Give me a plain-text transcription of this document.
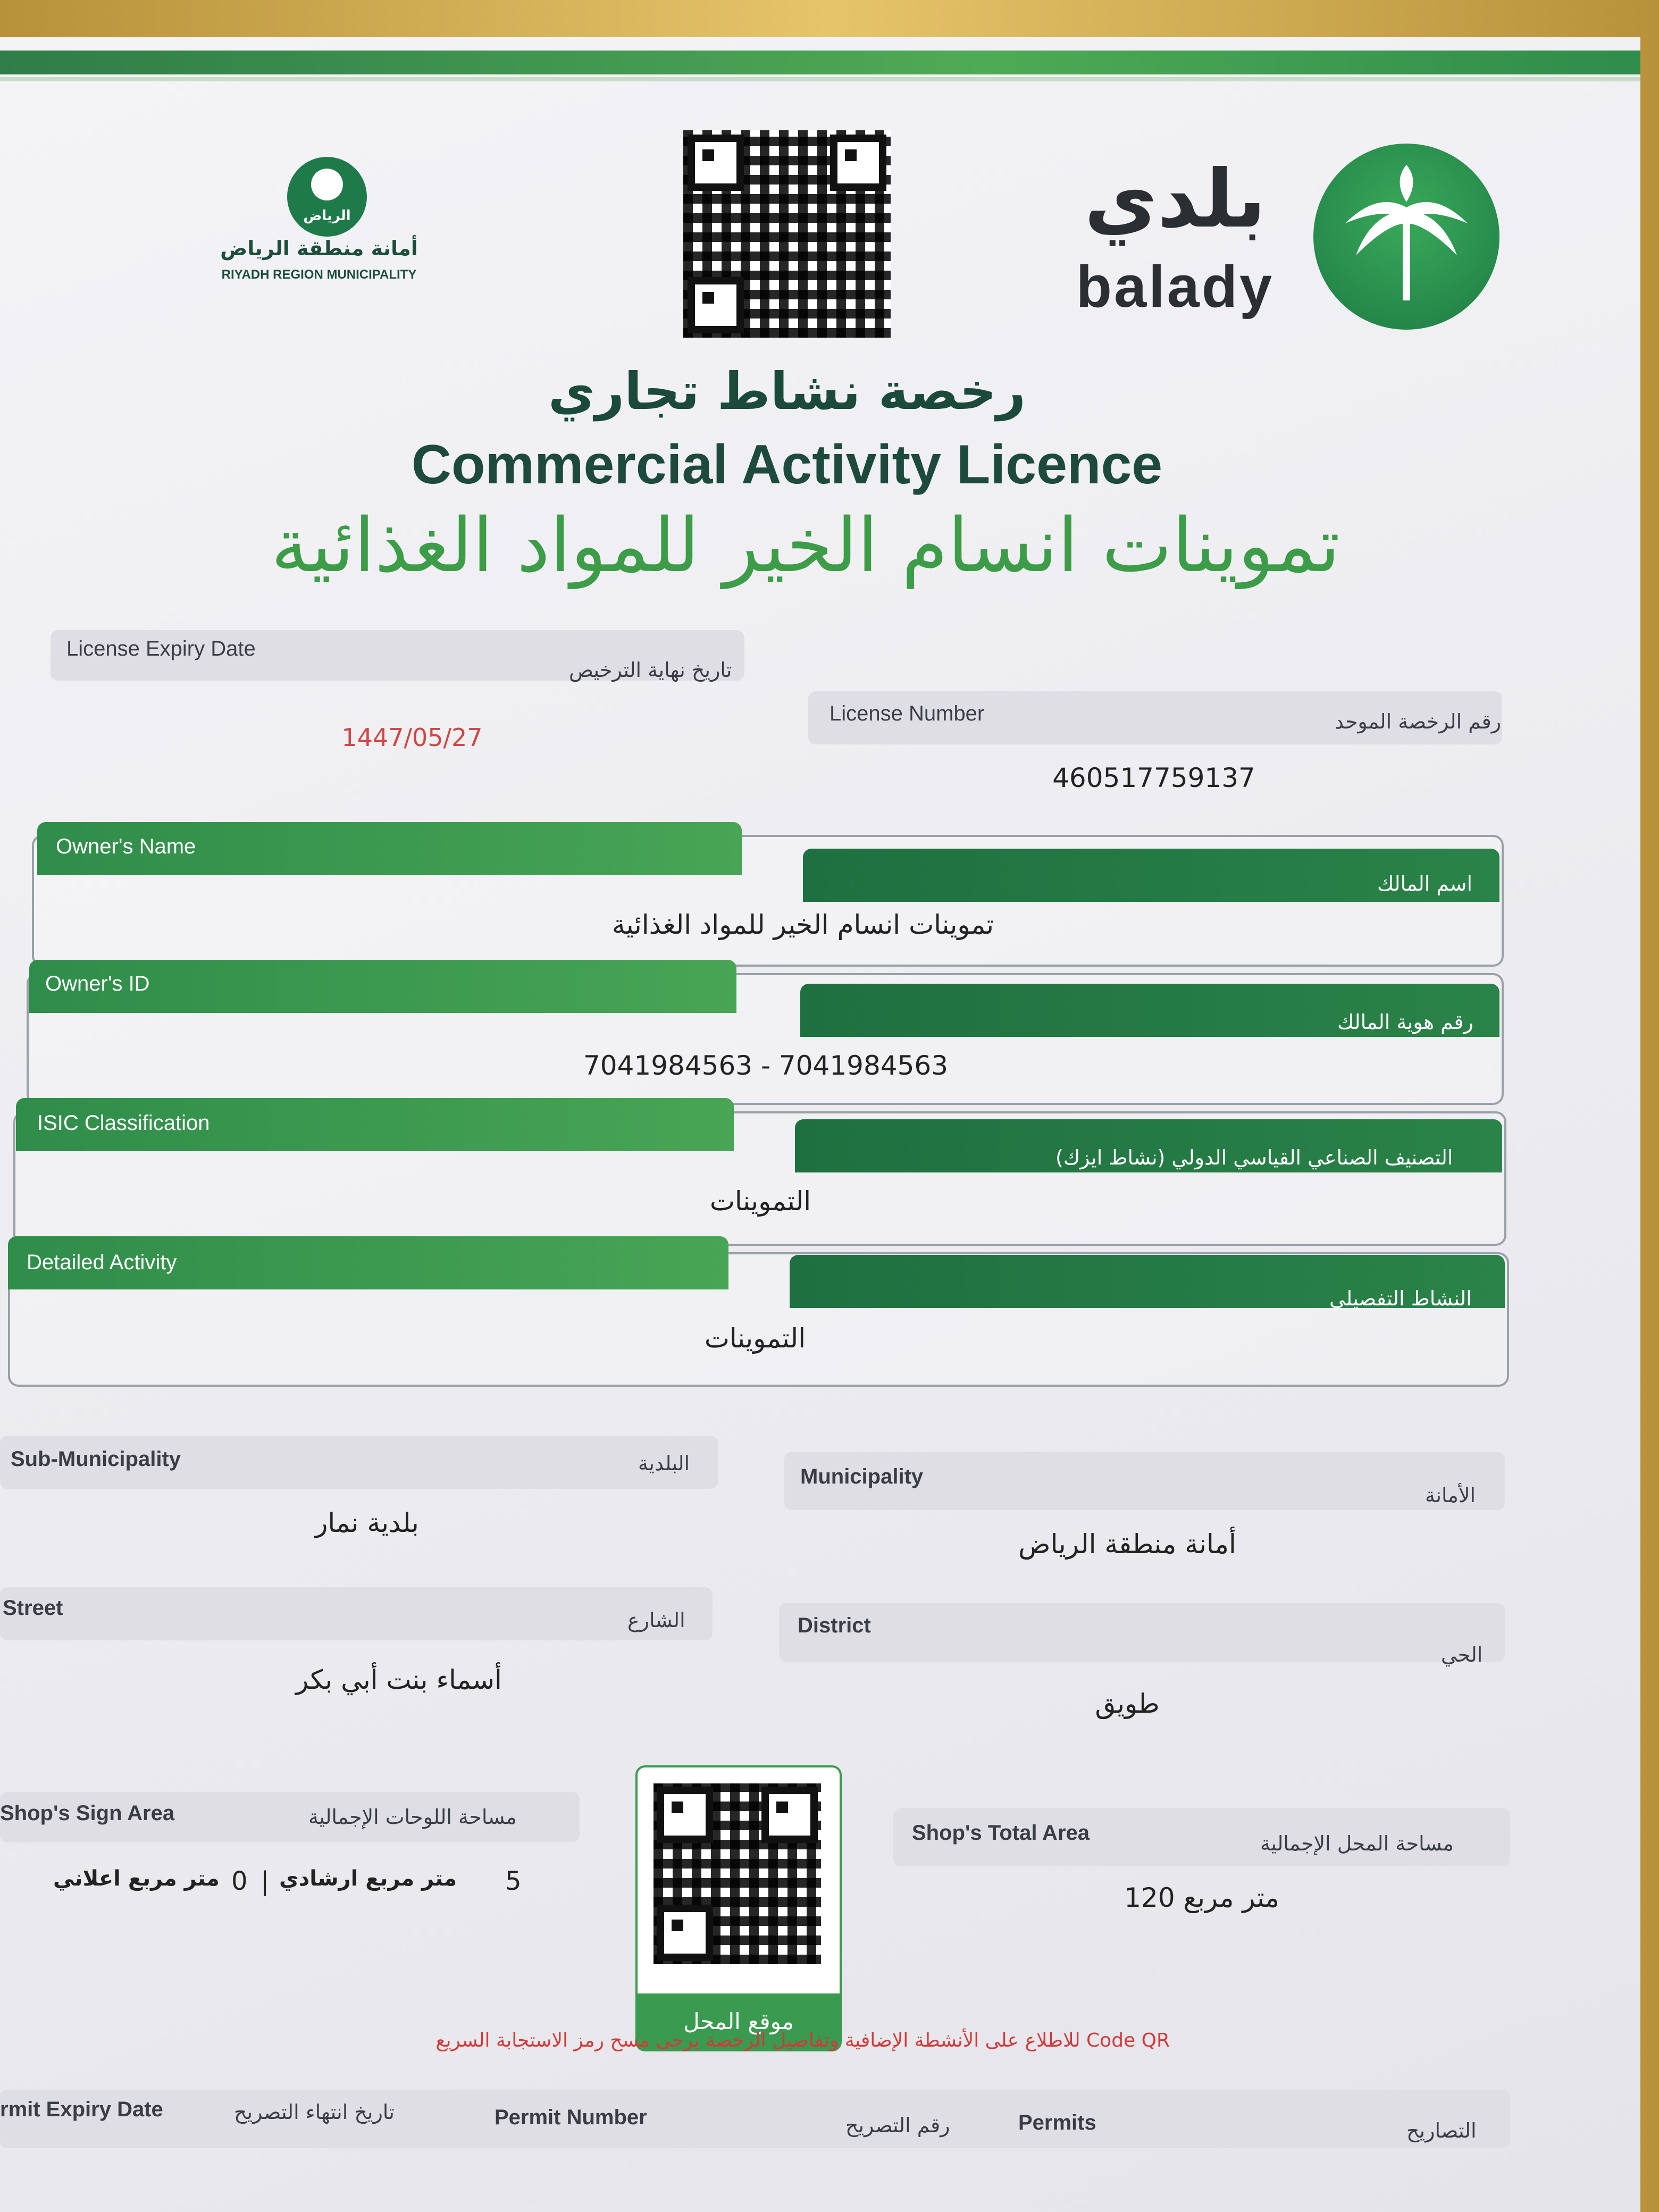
الرياض
أمانة منطقة الرياض
RIYADH REGION MUNICIPALITY
بلدي
balady
رخصة نشاط تجاري
Commercial Activity Licence
تموينات انسام الخير للمواد الغذائية
License Expiry Date
تاريخ نهاية الترخيص
1447/05/27
License Number	رقم الرخصة الموحد
460517759137
Owner's Name
اسم المالك
تموينات انسام الخير للمواد الغذائية
Owner's ID
رقم هوية المالك
7041984563 - 7041984563
ISIC Classification
التصنيف الصناعي القياسي الدولي (نشاط ايزك)
التموينات
Detailed Activity
النشاط التفصيلي
التموينات
Sub-Municipality	البلدية
بلدية نمار
Municipality
الأمانة
أمانة منطقة الرياض
Street
الشارع
أسماء بنت أبي بكر
District
الحي
طويق
Shop's Sign Area	مساحة اللوحات الإجمالية
متر مربع اعلاني 0 | متر مربع ارشادي 5
موقع المحل
Shop's Total Area	مساحة المحل الإجمالية
120 متر مربع
Code QR للاطلاع على الأنشطة الإضافية وتفاصيل الرخصة يرجى مسح رمز الاستجابة السريع
rmit Expiry Date	تاريخ انتهاء التصريح	Permit Number	رقم التصريح	Permits	التصاريح
